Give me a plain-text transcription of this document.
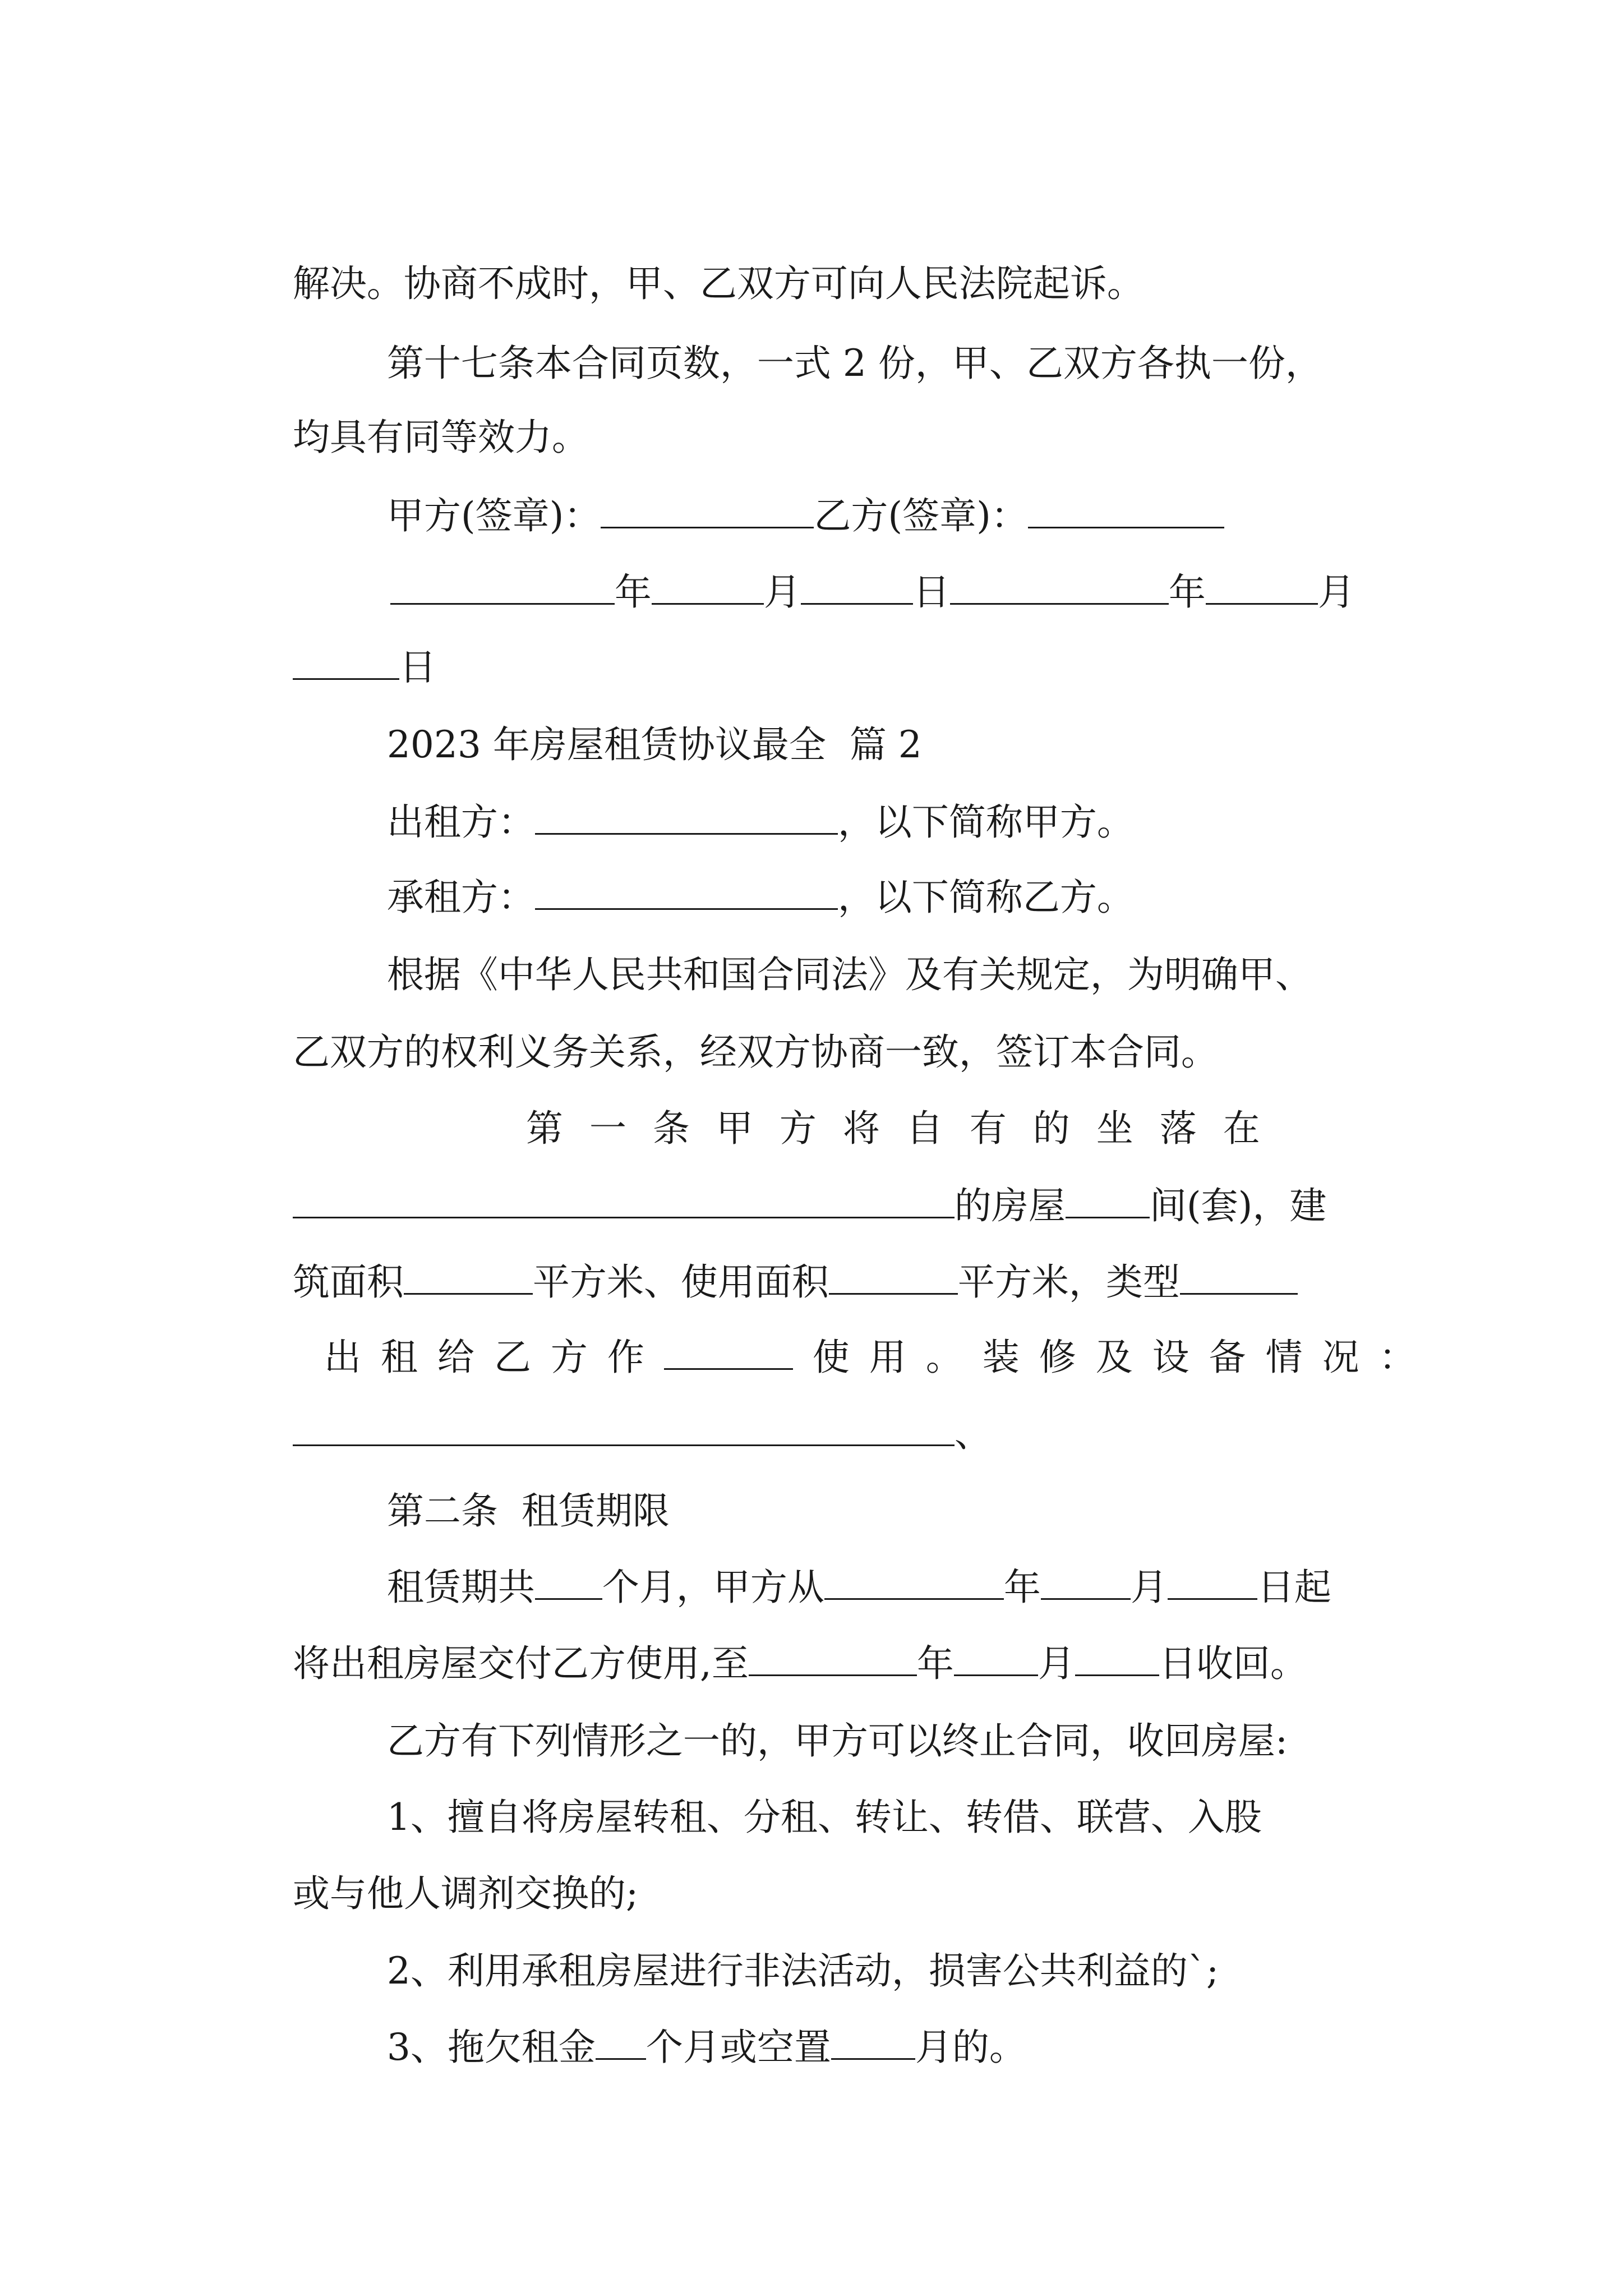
解决。协商不成时，甲、乙双方可向人民法院起诉。

第十七条本合同页数，一式 2 份，甲、乙双方各执一份，

均具有同等效力。

甲方(签章)：	乙方(签章)：

年	月	日	年	月

日

2023 年房屋租赁协议最全  篇 2

出租方：	，以下简称甲方。

承租方：	，以下简称乙方。

根据《中华人民共和国合同法》及有关规定，为明确甲、

乙双方的权利义务关系，经双方协商一致，签订本合同。

第 一 条 甲 方 将 自 有 的 坐 落 在

的房屋 间(套)，建

筑面积	平方米、使用面积	平方米，类型

出 租 给 乙 方 作	使 用 。 装 修 及 设 备 情 况 ：

、

第二条  租赁期限

租赁期共 个月，甲方从	年 月 日起

将出租房屋交付乙方使用,至	年 月 日收回。

乙方有下列情形之一的，甲方可以终止合同，收回房屋:

1、擅自将房屋转租、分租、转让、转借、联营、入股

或与他人调剂交换的;

2、利用承租房屋进行非法活动，损害公共利益的`;

3、拖欠租金 个月或空置 月的。
